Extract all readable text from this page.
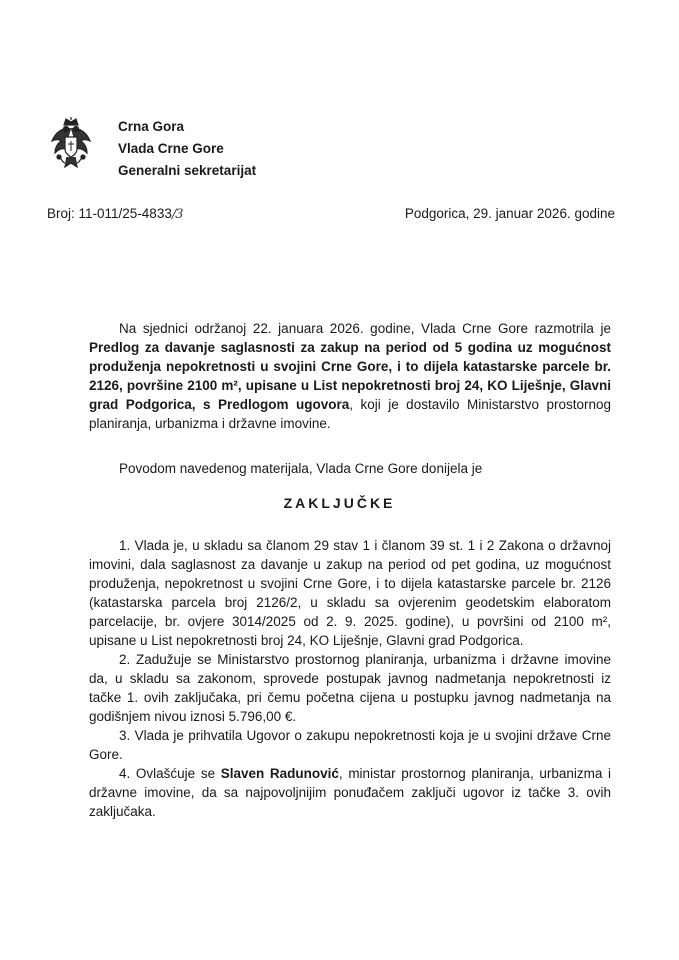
Crna Gora
Vlada Crne Gore
Generalni sekretarijat
Broj: 11-011/25-4833/3	Podgorica, 29. januar 2026. godine
Na sjednici održanoj 22. januara 2026. godine, Vlada Crne Gore razmotrila je Predlog za davanje saglasnosti za zakup na period od 5 godina uz mogućnost produženja nepokretnosti u svojini Crne Gore, i to dijela katastarske parcele br. 2126, površine 2100 m², upisane u List nepokretnosti broj 24, KO Liješnje, Glavni grad Podgorica, s Predlogom ugovora, koji je dostavilo Ministarstvo prostornog planiranja, urbanizma i državne imovine.
Povodom navedenog materijala, Vlada Crne Gore donijela je
ZAKLJUČKE

1. Vlada je, u skladu sa članom 29 stav 1 i članom 39 st. 1 i 2 Zakona o državnoj imovini, dala saglasnost za davanje u zakup na period od pet godina, uz mogućnost produženja, nepokretnost u svojini Crne Gore, i to dijela katastarske parcele br. 2126 (katastarska parcela broj 2126/2, u skladu sa ovjerenim geodetskim elaboratom parcelacije, br. ovjere 3014/2025 od 2. 9. 2025. godine), u površini od 2100 m², upisane u List nepokretnosti broj 24, KO Liješnje, Glavni grad Podgorica.

2. Zadužuje se Ministarstvo prostornog planiranja, urbanizma i državne imovine da, u skladu sa zakonom, sprovede postupak javnog nadmetanja nepokretnosti iz tačke 1. ovih zaključaka, pri čemu početna cijena u postupku javnog nadmetanja na godišnjem nivou iznosi 5.796,00 €.

3. Vlada je prihvatila Ugovor o zakupu nepokretnosti koja je u svojini države Crne Gore.

4. Ovlašćuje se Slaven Radunović, ministar prostornog planiranja, urbanizma i državne imovine, da sa najpovoljnijim ponuđačem zaključi ugovor iz tačke 3. ovih zaključaka.
